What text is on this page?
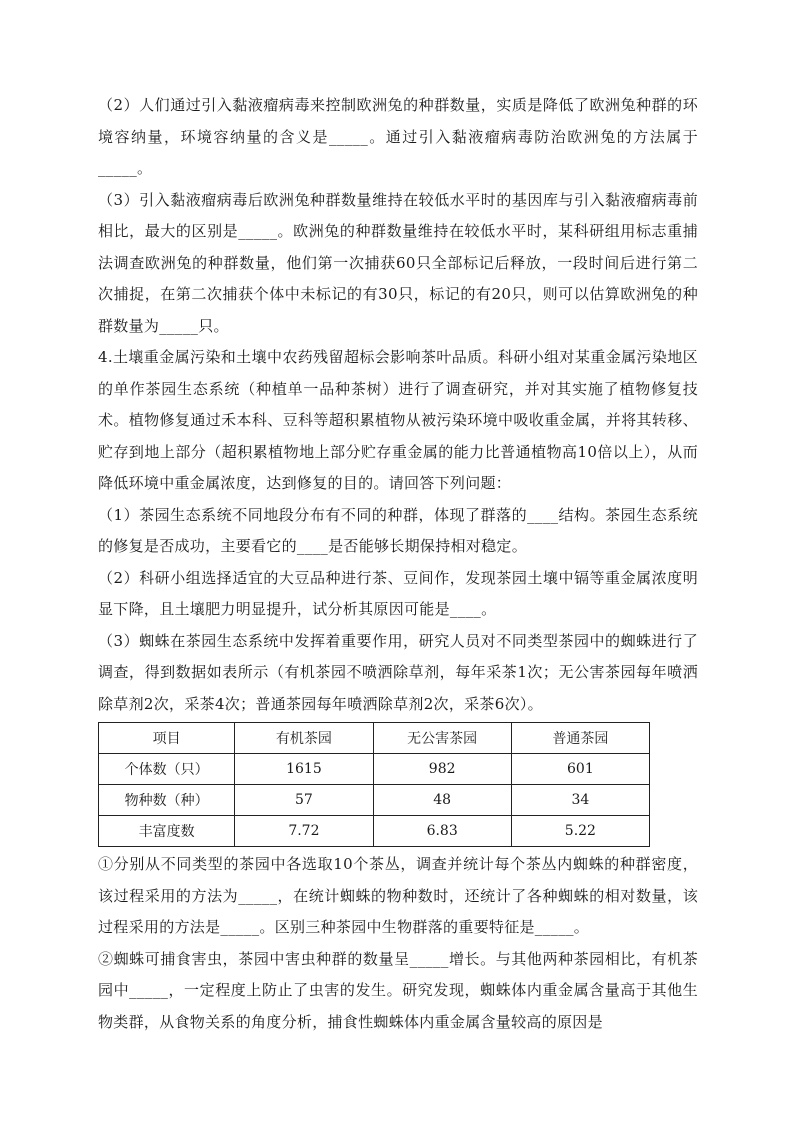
（2）人们通过引入黏液瘤病毒来控制欧洲兔的种群数量，实质是降低了欧洲兔种群的环境容纳量，环境容纳量的含义是_____。通过引入黏液瘤病毒防治欧洲兔的方法属于_____。

（3）引入黏液瘤病毒后欧洲兔种群数量维持在较低水平时的基因库与引入黏液瘤病毒前相比，最大的区别是_____。欧洲兔的种群数量维持在较低水平时，某科研组用标志重捕法调查欧洲兔的种群数量，他们第一次捕获60只全部标记后释放，一段时间后进行第二次捕捉，在第二次捕获个体中未标记的有30只，标记的有20只，则可以估算欧洲兔的种群数量为_____只。

4.土壤重金属污染和土壤中农药残留超标会影响茶叶品质。科研小组对某重金属污染地区的单作茶园生态系统（种植单一品种茶树）进行了调查研究，并对其实施了植物修复技术。植物修复通过禾本科、豆科等超积累植物从被污染环境中吸收重金属，并将其转移、贮存到地上部分（超积累植物地上部分贮存重金属的能力比普通植物高10倍以上），从而降低环境中重金属浓度，达到修复的目的。请回答下列问题：

（1）茶园生态系统不同地段分布有不同的种群，体现了群落的____结构。茶园生态系统的修复是否成功，主要看它的____是否能够长期保持相对稳定。

（2）科研小组选择适宜的大豆品种进行茶、豆间作，发现茶园土壤中镉等重金属浓度明显下降，且土壤肥力明显提升，试分析其原因可能是____。

（3）蜘蛛在茶园生态系统中发挥着重要作用，研究人员对不同类型茶园中的蜘蛛进行了调查，得到数据如表所示（有机茶园不喷洒除草剂，每年采茶1次；无公害茶园每年喷洒除草剂2次，采茶4次；普通茶园每年喷洒除草剂2次，采茶6次）。

项目	有机茶园	无公害茶园	普通茶园
个体数（只）	1615	982	601
物种数（种）	57	48	34
丰富度数	7.72	6.83	5.22

①分别从不同类型的茶园中各选取10个茶丛，调查并统计每个茶丛内蜘蛛的种群密度，该过程采用的方法为_____，在统计蜘蛛的物种数时，还统计了各种蜘蛛的相对数量，该过程采用的方法是_____。区别三种茶园中生物群落的重要特征是_____。

②蜘蛛可捕食害虫，茶园中害虫种群的数量呈_____增长。与其他两种茶园相比，有机茶园中_____，一定程度上防止了虫害的发生。研究发现，蜘蛛体内重金属含量高于其他生物类群，从食物关系的角度分析，捕食性蜘蛛体内重金属含量较高的原因是
